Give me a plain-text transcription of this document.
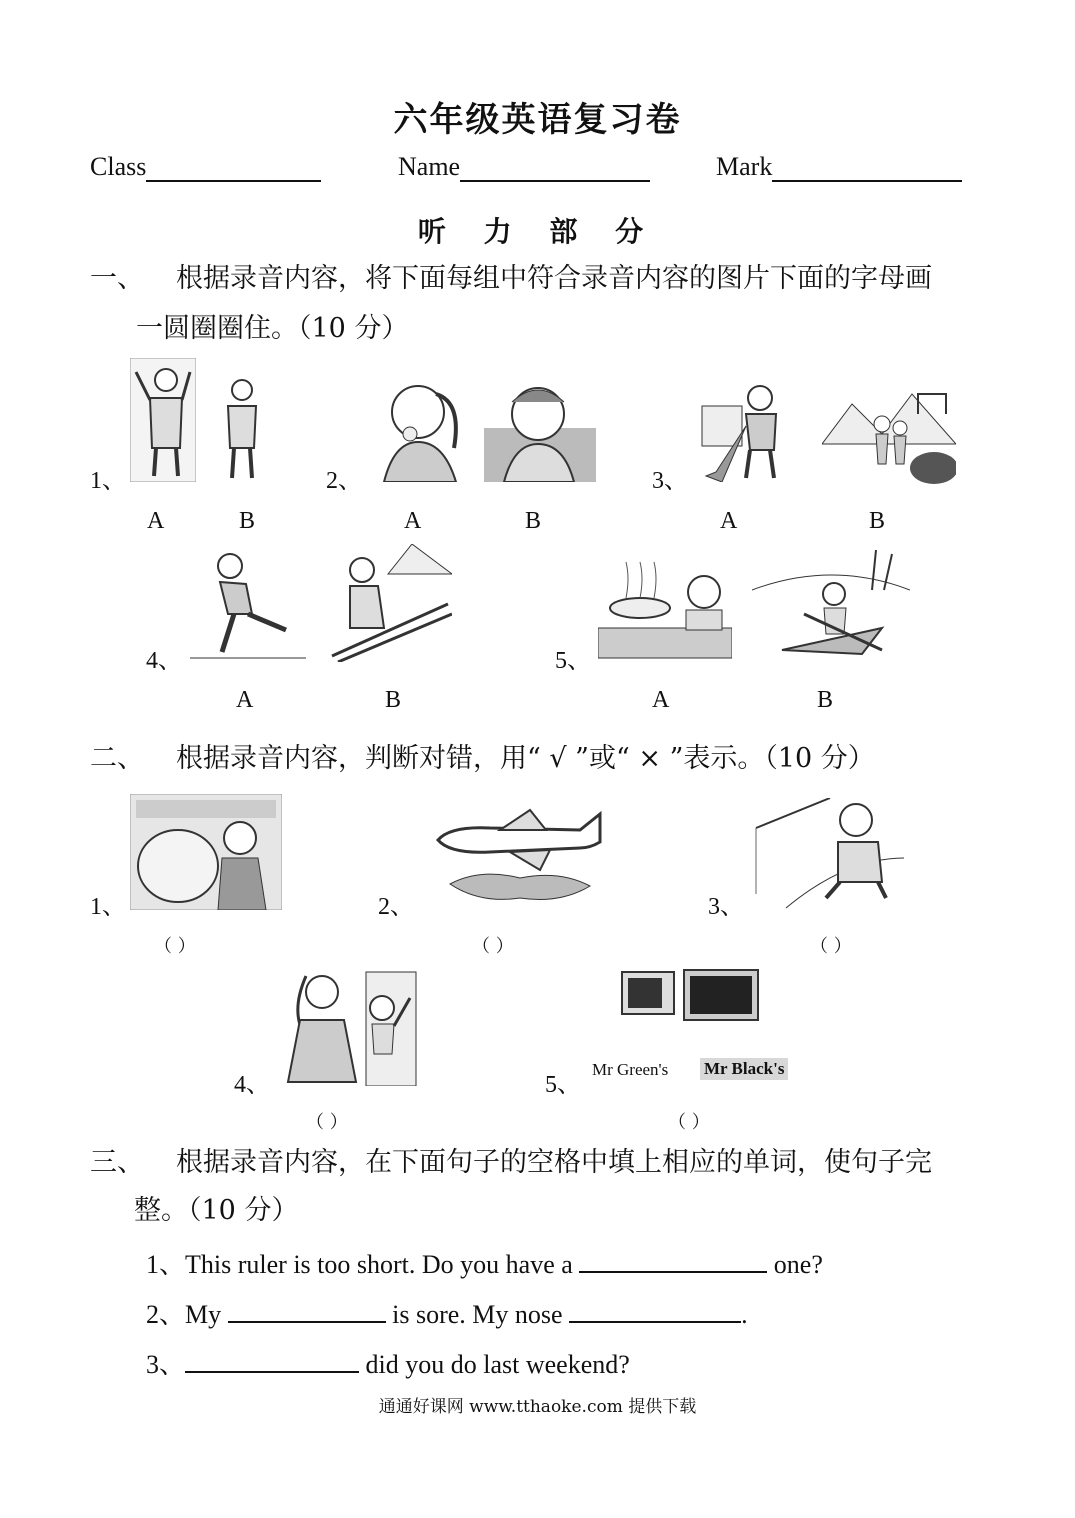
六年级英语复习卷
Class	Name	Mark
听 力 部 分
一、 根据录音内容，将下面每组中符合录音内容的图片下面的字母画
一圆圈圈住。（10 分）
1、	2、	3、
A	B	A	B	A	B
4、	5、
A	B	A	B
二、 根据录音内容，判断对错，用“ √ ”或“ × ”表示。（10 分）
1、	2、	3、
（ ）	（ ）	（ ）
4、	5、
Mr Green's Mr Black's
（ ）	（ ）
三、 根据录音内容，在下面句子的空格中填上相应的单词，使句子完
整。（10 分）
1、This ruler is too short. Do you have a	one?
2、My	is sore. My nose	.
3、	did you do last weekend?
通通好课网 www.tthaoke.com 提供下载
